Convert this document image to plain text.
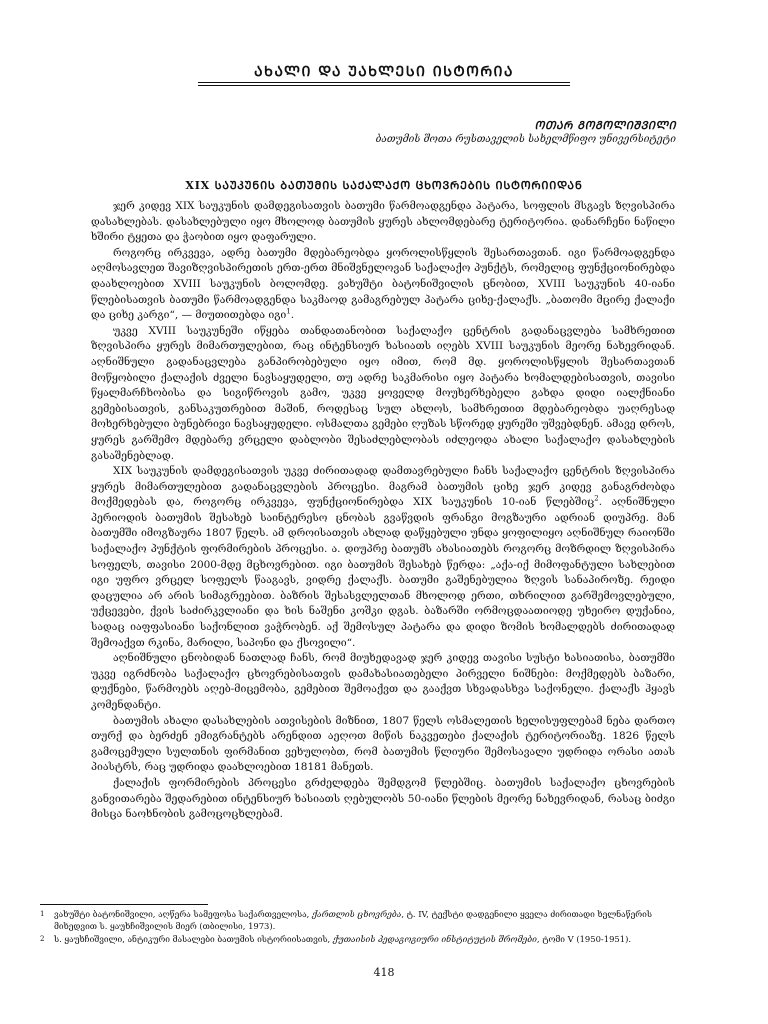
ᲐᲮᲐᲚᲘ ᲓᲐ ᲣᲐᲮᲚᲔᲡᲘ ᲘᲡᲢᲝᲠᲘᲐ
ᲝᲗᲐᲠ ᲒᲝᲒᲝᲚᲘᲨᲕᲘᲚᲘ
ბათუმის შოთა რუსთაველის სახელმწიფო უნივერსიტეტი
XIX ᲡᲐᲣᲙᲣᲜᲘᲡ ᲑᲐᲗᲣᲛᲘᲡ ᲡᲐᲥᲐᲚᲐᲥᲝ ᲪᲮᲝᲕᲠᲔᲑᲘᲡ ᲘᲡᲢᲝᲠᲘᲘᲓᲐᲜ

ჯერ კიდევ XIX საუკუნის დამდეგისათვის ბათუმი წარმოადგენდა პატარა, სოფლის მსგავს ზღვისპირა დასახლებას. დასახლებული იყო მხოლოდ ბათუმის ყურეს ახლომდებარე ტერიტორია. დანარჩენი ნაწილი ხშირი ტყეთა და ჭაობით იყო დაფარული.

როგორც ირკვევა, ადრე ბათუმი მდებარეობდა ყოროლისწყლის შესართავთან. იგი წარმოადგენდა აღმოსავლეთ შავიზღვისპირეთის ერთ-ერთ მნიშვნელოვან საქალაქო პუნქტს, რომელიც ფუნქციონირებდა დაახლოებით XVIII საუკუნის ბოლომდე. ვახუშტი ბატონიშვილის ცნობით, XVIII საუკუნის 40-იანი წლებისათვის ბათუმი წარმოადგენდა საკმაოდ გამაგრებულ პატარა ციხე-ქალაქს. „ბათომი მცირე ქალაქი და ციხე კარგი“, — მიუთითებდა იგი$^1$.

უკვე XVIII საუკუნეში იწყება თანდათანობით საქალაქო ცენტრის გადანაცვლება სამხრეთით ზღვისპირა ყურეს მიმართულებით, რაც ინტენსიურ ხასიათს იღებს XVIII საუკუნის მეორე ნახევრიდან. აღნიშნული გადანაცვლება განპირობებული იყო იმით, რომ მდ. ყოროლისწყლის შესართავთან მოწყობილი ქალაქის ძველი ნავსაყუდელი, თუ ადრე საკმარისი იყო პატარა ხომალდებისათვის, თავისი წყალმარჩხობისა და სიგიწროვის გამო, უკვე ყოველდ მოუხერხებელი გახდა დიდი იალქნიანი გემებისათვის, განსაკუთრებით მაშინ, როდესაც სულ ახლოს, სამხრეთით მდებარეობდა უაღრესად მოხერხებული ბუნებრივი ნავსაყუდელი. ოსმალთა გემები ღუზას სწორედ ყურეში უშვებდნენ. ამავე დროს, ყურეს გარშემო მდებარე ვრცელი დაბლობი შესაძლებლობას იძლეოდა ახალი საქალაქო დასახლების გასაშენებლად.

XIX საუკუნის დამდეგისათვის უკვე ძირითადად დამთავრებული ჩანს საქალაქო ცენტრის ზღვისპირა ყურეს მიმართულებით გადანაცვლების პროცესი. მაგრამ ბათუმის ციხე ჯერ კიდევ განაგრძობდა მოქმედებას და, როგორც ირკვევა, ფუნქციონირებდა XIX საუკუნის 10-იან წლებშიც$^2$. აღნიშნული პერიოდის ბათუმის შესახებ საინტერესო ცნობას გვაწვდის ფრანგი მოგზაური ადრიან დიუპრე. მან ბათუმში იმოგზაურა 1807 წელს. ამ დროისათვის ახლად დაწყებული უნდა ყოფილიყო აღნიშნულ რაიონში საქალაქო პუნქტის ფორმირების პროცესი. ა. დიუპრე ბათუმს ახასიათებს როგორც მოზრდილ ზღვისპირა სოფელს, თავისი 2000-მდე მცხოვრებით. იგი ბათუმის შესახებ წერდა: „აქა-იქ მიმოფანტული სახლებით იგი უფრო ვრცელ სოფელს წააგავს, ვიდრე ქალაქს. ბათუმი გაშენებულია ზღვის სანაპიროზე. რეიდი დაცულია არ არის სიმაგრეებით. ბაზრის შესასვლელთან მხოლოდ ერთი, თხრილით გარშემოვლებული, უქცევები, ქვის საძირკვლიანი და ხის ნაშენი კოშკი დგას. ბაზარში ორმოცდაათიოდე უხეირო დუქანია, სადაც იაფფასიანი საქონლით ვაჭრობენ. აქ შემოსულ პატარა და დიდი ზომის ხომალდებს ძირითადად შემოაქვთ რკინა, მარილი, საპონი და ქსოვილი“.

აღნიშნული ცნობიდან ნათლად ჩანს, რომ მიუხედავად ჯერ კიდევ თავისი სუსტი ხასიათისა, ბათუმში უკვე იგრძნობა საქალაქო ცხოვრებისათვის დამახასიათებელი პირველი ნიშნები: მოქმედებს ბაზარი, დუქნები, წარმოებს აღებ-მიცემობა, გემებით შემოაქვთ და გააქვთ სხვადასხვა საქონელი. ქალაქს ჰყავს კომენდანტი.

ბათუმის ახალი დასახლების ათვისების მიზნით, 1807 წელს ოსმალეთის ხელისუფლებამ ნება დართო თურქ და ბერძენ ემიგრანტებს არენდით აეღოთ მიწის ნაკვეთები ქალაქის ტერიტორიაზე. 1826 წელს გამოცემული სულთნის ფირმანით ვეხულობთ, რომ ბათუმის წლიური შემოსავალი უდრიდა ორასი ათას პიასტრს, რაც უდრიდა დაახლოებით 18181 მანეთს.

ქალაქის ფორმირების პროცესი გრძელდება შემდგომ წლებშიც. ბათუმის საქალაქო ცხოვრების განვითარება შედარებით ინტენსიურ ხასიათს ღებულობს 50-იანი წლების მეორე ნახევრიდან, რასაც ბიძგი მისცა ნაოხნობის გამოცოცხლებამ.

1	ვახუშტი ბატონიშვილი, აღწერა სამეფოსა საქართველოსა, ქართლის ცხოვრება, ტ. IV, ტექსტი დადგენილი ყველა ძირითადი ხელნაწერის მიხედვით ს. ყაუხჩიშვილის მიერ (თბილისი, 1973).
2	ს. ყაუხჩიშვილი, ანტიკური მასალები ბათუმის ისტორიისათვის, ქუთაისის პედაგოგიური ინსტიტუტის შრომები, ტომი V (1950-1951).
418
